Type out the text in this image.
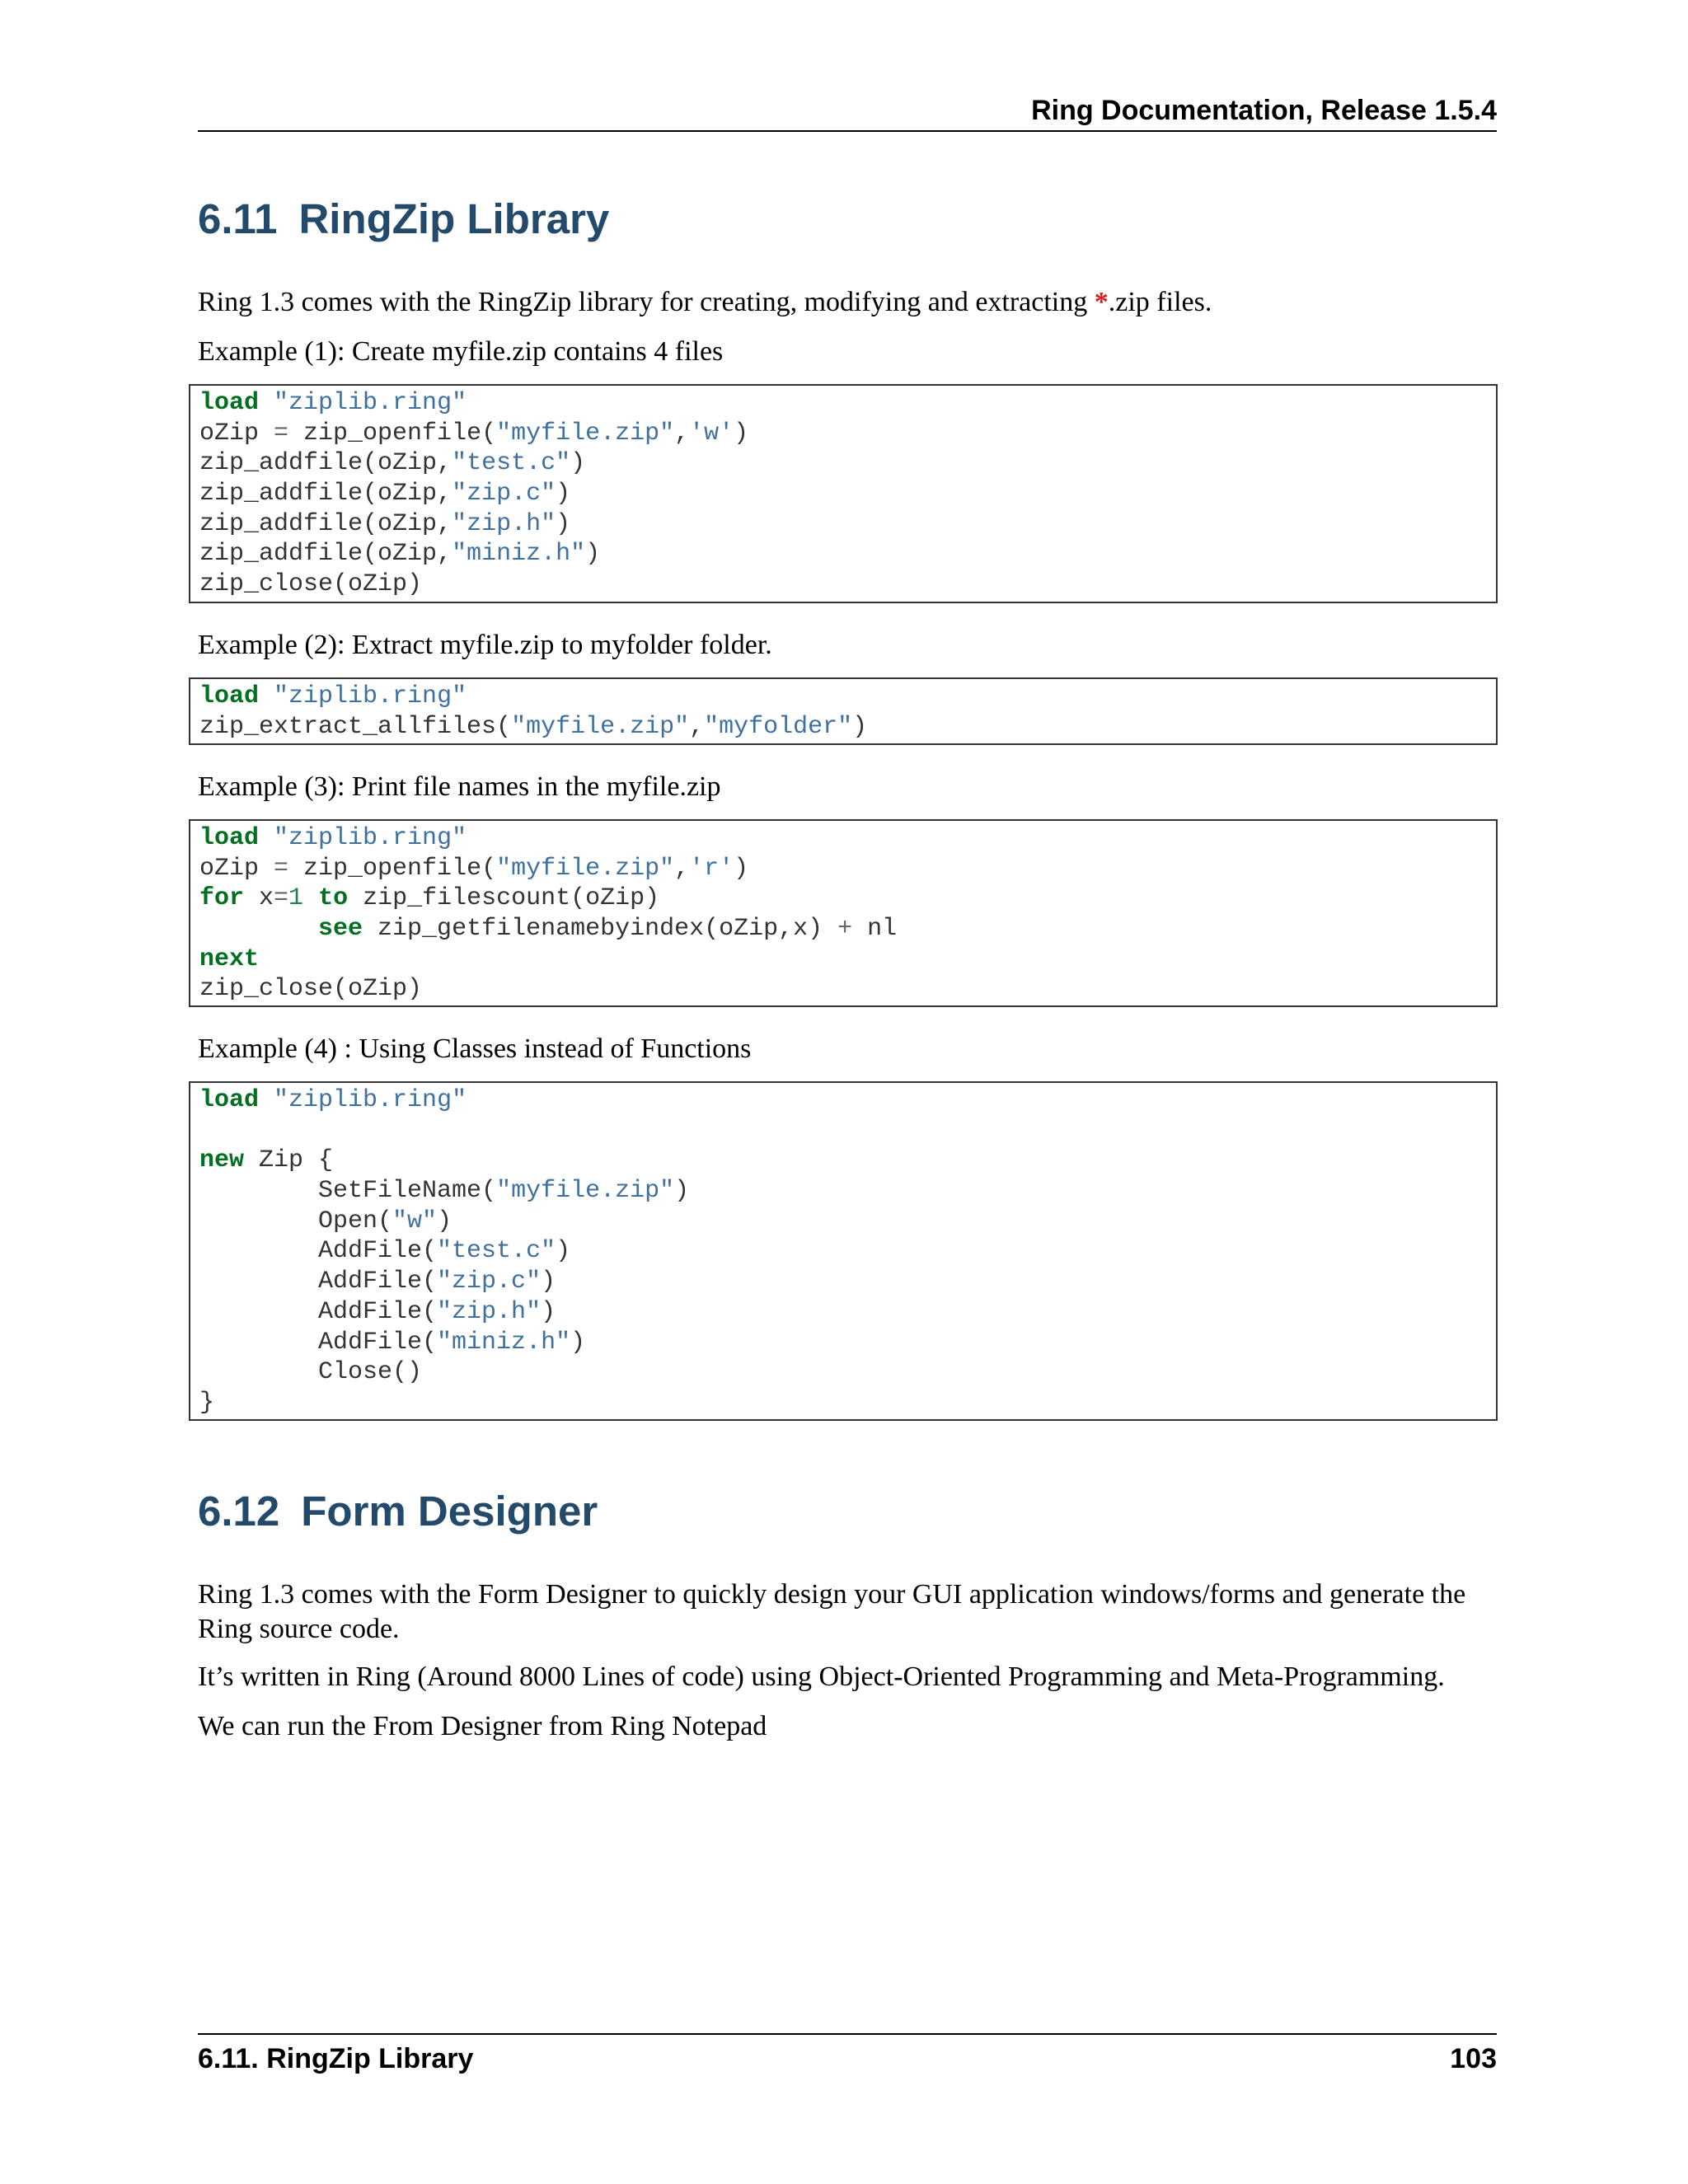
Ring Documentation, Release 1.5.4
6.11 RingZip Library

Ring 1.3 comes with the RingZip library for creating, modifying and extracting *.zip files.

Example (1): Create myfile.zip contains 4 files

load "ziplib.ring"
oZip = zip_openfile("myfile.zip",'w')
zip_addfile(oZip,"test.c")
zip_addfile(oZip,"zip.c")
zip_addfile(oZip,"zip.h")
zip_addfile(oZip,"miniz.h")
zip_close(oZip)

Example (2): Extract myfile.zip to myfolder folder.

load "ziplib.ring"
zip_extract_allfiles("myfile.zip","myfolder")

Example (3): Print file names in the myfile.zip

load "ziplib.ring"
oZip = zip_openfile("myfile.zip",'r')
for x=1 to zip_filescount(oZip)
see zip_getfilenamebyindex(oZip,x) + nl
next
zip_close(oZip)

Example (4) : Using Classes instead of Functions

load "ziplib.ring"
new Zip {
SetFileName("myfile.zip")
Open("w")
AddFile("test.c")
AddFile("zip.c")
AddFile("zip.h")
AddFile("miniz.h")
Close()
}
6.12 Form Designer

Ring 1.3 comes with the Form Designer to quickly design your GUI application windows/forms and generate the Ring source code.

It’s written in Ring (Around 8000 Lines of code) using Object-Oriented Programming and Meta-Programming.

We can run the From Designer from Ring Notepad

6.11. RingZip Library	103
